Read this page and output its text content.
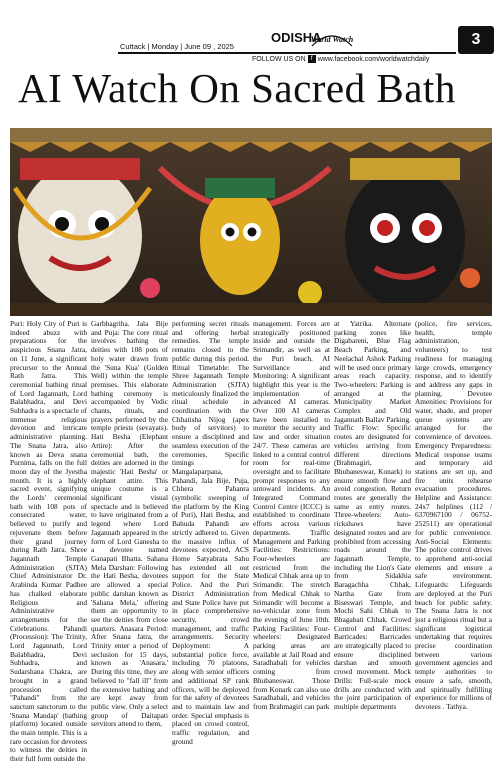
Cuttack | Monday | June 09 , 2025
ODISHA
World Watch	3
FOLLOW US ON f www.facebook.com/worldwatchdaily
AI Watch On Sacred Bath

Puri: Holy City of Puri is indeed abuzz with preparations for the auspicious Snana Jatra, on 11 June, a significant precursor to the Annual Rath Jatra. This ceremonial bathing ritual of Lord Jagannath, Lord Balabhadra, and Devi Subhadra is a spectacle of immense religious devotion and intricate administrative planning. The Snana Jatra, also known as Deva snana Purnima, falls on the full moon day of the Jyestha month. It is a highly sacred event, signifying the Lords' ceremonial bath with 108 pots of consecrated water, believed to purify and rejuvenate them before their grand journey during Rath Jatra. Shree Jagannath Temple Administration (SJTA) Chief Administrator Dr. Arabinda Kumar Padhee has chalked elaborate Religious and Administrative arrangements for the Celebrations. Pahandi (Procession): The Trinity, Lord Jagannath, Lord Balabhadra, Devi Subhadra, and Sudarshana Chakra, are brought in a grand procession called "Pahandi" from the sanctum sanctorum to the 'Snana Mandap' (bathing platform) located outside the main temple. This is a rare occasion for devotees to witness the deities in their full form outside the

Garbhagriha. Jala Bije and Puja: The core ritual involves bathing the deities with 108 pots of holy water drawn from the 'Suna Kua' (Golden Well) within the temple premises. This elaborate bathing ceremony is accompanied by Vedic chants, rituals, and prayers performed by the temple priests (sevayats). Hati Besha (Elephant Attire): After the ceremonial bath, the deities are adorned in the majestic 'Hati Besha' or elephant attire. This unique costume is a significant visual spectacle and is believed to have originated from a legend where Lord Jagannath appeared in the form of Lord Ganesha to a devotee named Ganapati Bhatta. Sahana Mela Darshan: Following the Hati Besha, devotees are allowed a special public darshan known as 'Sahana Mela,' offering them an opportunity to see the deities from close quarters. Anasara Period: After Snana Jatra, the Trinity enter a period of seclusion for 15 days, known as 'Anasara.' During this time, they are believed to "fall ill" from the extensive bathing and are kept away from public view. Only a select group of Daitapati servitors attend to them,

performing secret rituals and offering herbal remedies. The temple remains closed to the public during this period. Ritual Timetable: The Shree Jagannath Temple Administration (SJTA) meticulously finalized the ritual schedule in coordination with the Chhatisha Nijog (apex body of servitors) to ensure a disciplined and seamless execution of the ceremonies. Specific timings for Mangalaparpana, Pahandi, Jala Bije, Puja, Chhera Pahanra (symbolic sweeping of the platform by the King of Puri), Hati Besha, and Bahuda Pahandi are strictly adhered to. Given the massive influx of devotees expected, ACS Home Satyabrata Sahu has extended all out support for the State Police. And the Puri District Administration and State Police have put in place comprehensive security, crowd management, and traffic arrangements. Security Deployment: A substantial police force, including 70 platoons, along with senior officers and additional SP rank officers, will be deployed for the safety of devotees and to maintain law and order. Special emphasis is placed on crowd control, traffic regulation, and ground

management. Forces are strategically positioned inside and outside the Srimandir, as well as at the Puri beach. AI Surveillance and Monitoring: A significant highlight this year is the implementation of advanced AI cameras. Over 100 AI cameras have been installed to monitor the security and law and order situation 24/7. These cameras are linked to a central control room for real-time oversight and to facilitate prompt responses to any untoward incidents. An Integrated Command Control Centre (ICCC) is established to coordinate efforts across various departments. Traffic Management and Parking Facilities: Restrictions: Four-wheelers are restricted from the Medical Chhak area up to Srimandir. The stretch from Medical Chhak to Srimandir will become a no-vehicular zone from the evening of June 10th. Parking Facilities: Four-wheelers: Designated parking areas are available at Jail Road and Saradhabali for vehicles coming from Bhubaneswar. Those from Konark can also use Saradhabali, and vehicles from Brahmagiri can park

at Yatrika. Alternate parking zones like Digabareni, Blue Flag Beach Parking, and Neelachal Ashok Parking will be used once primary areas reach capacity. Two-wheelers: Parking is arranged at the Municipality Market Complex and Old Jagannath Ballav Parking. Traffic Flow: Specific routes are designated for vehicles arriving from different directions (Brahmagiri, Bhubaneswar, Konark) to ensure smooth flow and avoid congestion. Return routes are generally the same as entry routes. Three-wheelers: Auto-rickshaws have designated routes and are prohibited from accessing roads around the Jagannath Temple, including the Lion's Gate from Sidakhia Baragachha Chhak, Nartha Gate from Biseswari Temple, and Mochi Sahi Chhak to Bhagabati Chhak. Crowd Control and Facilities: Barricades: Barricades are strategically placed to ensure disciplined darshan and smooth crowd movement. Mock Drills: Full-scale mock drills are conducted with the joint participation of multiple departments

(police, fire services, health, temple administration, volunteers) to test readiness for managing large crowds, emergency response, and to identify and address any gaps in planning. Devotee Amenities: Provisions for water, shade, and proper queue systems are arranged for the convenience of devotees. Emergency Preparedness: Medical response teams and temporary aid stations are set up, and fire units rehearse evacuation procedures. Helpline and Assistance: 24x7 helplines (112 / 6370967100 / 06752-252511) are operational for public convenience. Anti-Social Elements: The police control drives to apprehend anti-social elements and ensure a safe environment. Lifeguards: Lifeguards are deployed at the Puri beach for public safety. The Snana Jatra is not just a religious ritual but a significant logistical undertaking that requires precise coordination between various government agencies and temple authorities to ensure a safe, smooth, and spiritually fulfilling experience for millions of devotees . Tathya.
